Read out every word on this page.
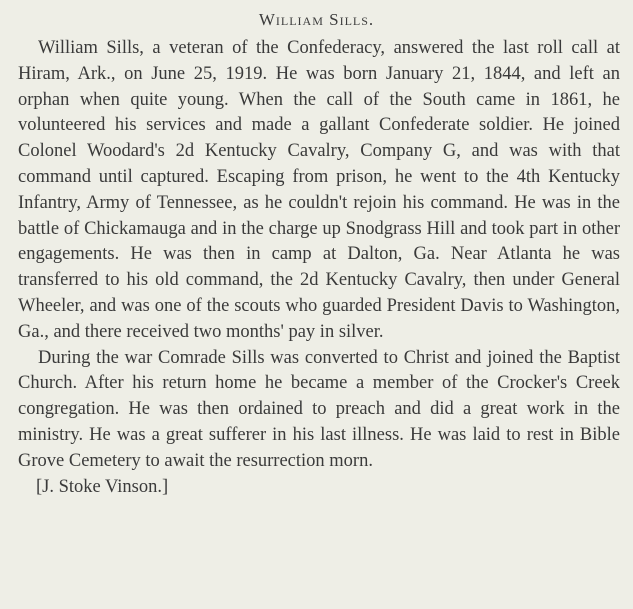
William Sills.

William Sills, a veteran of the Confederacy, answered the last roll call at Hiram, Ark., on June 25, 1919. He was born January 21, 1844, and left an orphan when quite young. When the call of the South came in 1861, he volunteered his services and made a gallant Confederate soldier. He joined Colonel Woodard's 2d Kentucky Cavalry, Company G, and was with that command until captured. Escaping from prison, he went to the 4th Kentucky Infantry, Army of Tennessee, as he couldn't rejoin his command. He was in the battle of Chickamauga and in the charge up Snodgrass Hill and took part in other engagements. He was then in camp at Dalton, Ga. Near Atlanta he was transferred to his old command, the 2d Kentucky Cavalry, then under General Wheeler, and was one of the scouts who guarded President Davis to Washington, Ga., and there received two months' pay in silver.

During the war Comrade Sills was converted to Christ and joined the Baptist Church. After his return home he became a member of the Crocker's Creek congregation. He was then ordained to preach and did a great work in the ministry. He was a great sufferer in his last illness. He was laid to rest in Bible Grove Cemetery to await the resurrection morn.

[J. Stoke Vinson.]
